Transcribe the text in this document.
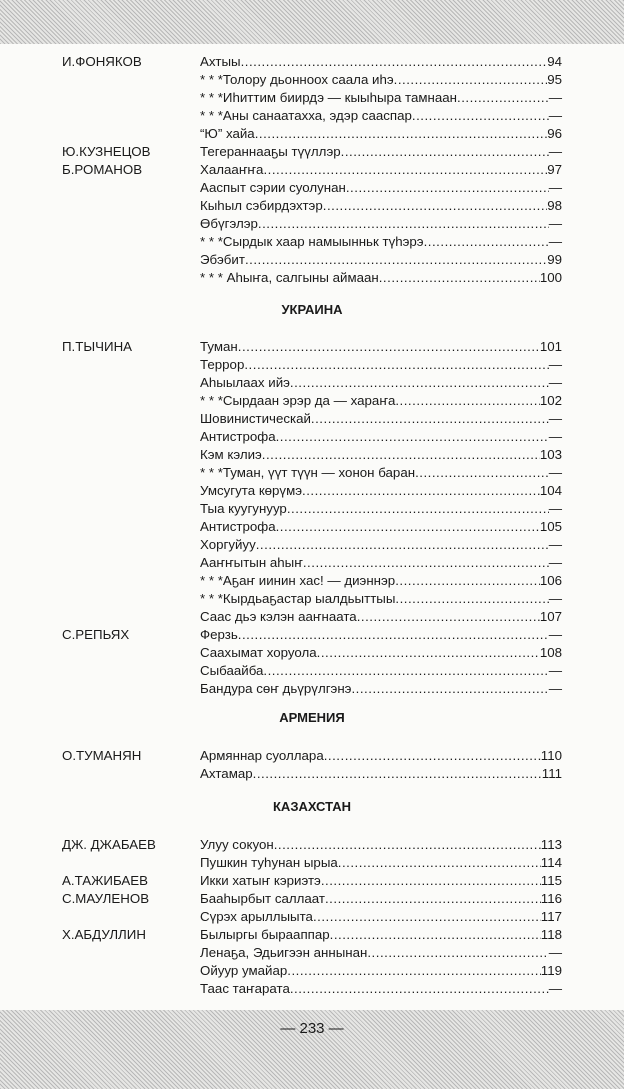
И.ФОНЯКОВ	Ахтыы .....	94
* * *Толору дьонноох саала иһэ .....	95
* * *Иһиттим биирдэ — кыыһыра тамнаан .....	—
* * *Аны санаатахха, эдэр сааспар .....	—
“Ю” хайа .....	96
Ю.КУЗНЕЦОВ	Тегераннааҕы түүллэр .....	—
Б.РОМАНОВ	Халааҥҥа .....	97
Ааспыт сэрии суолунан .....	—
Кыһыл сэбирдэхтэр .....	98
Өбүгэлэр .....	—
* * *Сырдык хаар намыынньк түһэрэ .....	—
Эбэбит .....	99
* * * Аһыҥа, салгыны аймаан .....	100
УКРАИНА
П.ТЫЧИНА	Туман .....	101
Террор .....	—
Аһыылаах ийэ .....	—
* * *Сырдаан эрэр да — хараҥа .....	102
Шовинистическай .....	—
Антистрофа .....	—
Кэм кэлиэ .....	103
* * *Туман, үүт түүн — хонон баран .....	—
Умсугута көрүмэ .....	104
Тыа куугунуур .....	—
Антистрофа .....	105
Хоргуйуу .....	—
Ааҥҥытын аһыҥ .....	—
* * *Аҕаҥ иинин хас! — диэннэр .....	106
* * *Кырдьаҕастар ыалдьыттыы .....	—
Саас дьэ кэлэн ааҥнаата .....	107
С.РЕПЬЯХ	Ферзь .....	—
Саахымат хоруола .....	108
Сыбаайба .....	—
Бандура сөҥ дьүрүлгэнэ .....	—
АРМЕНИЯ
О.ТУМАНЯН	Армяннар суоллара .....	110
Ахтамар .....	111
КАЗАХСТАН
ДЖ. ДЖАБАЕВ	Улуу сокуон .....	113
Пушкин туһунан ырыа .....	114
А.ТАЖИБАЕВ	Икки хатыҥ кэриэтэ .....	115
С.МАУЛЕНОВ	Бааһырбыт саллаат .....	116
Сүрэх арыллыыта .....	117
Х.АБДУЛЛИН	Былыргы бырааппар .....	118
Ленаҕа, Эдьигээн аннынан .....	—
Ойуур умайар .....	119
Таас таҥарата .....	—
— 233 —
